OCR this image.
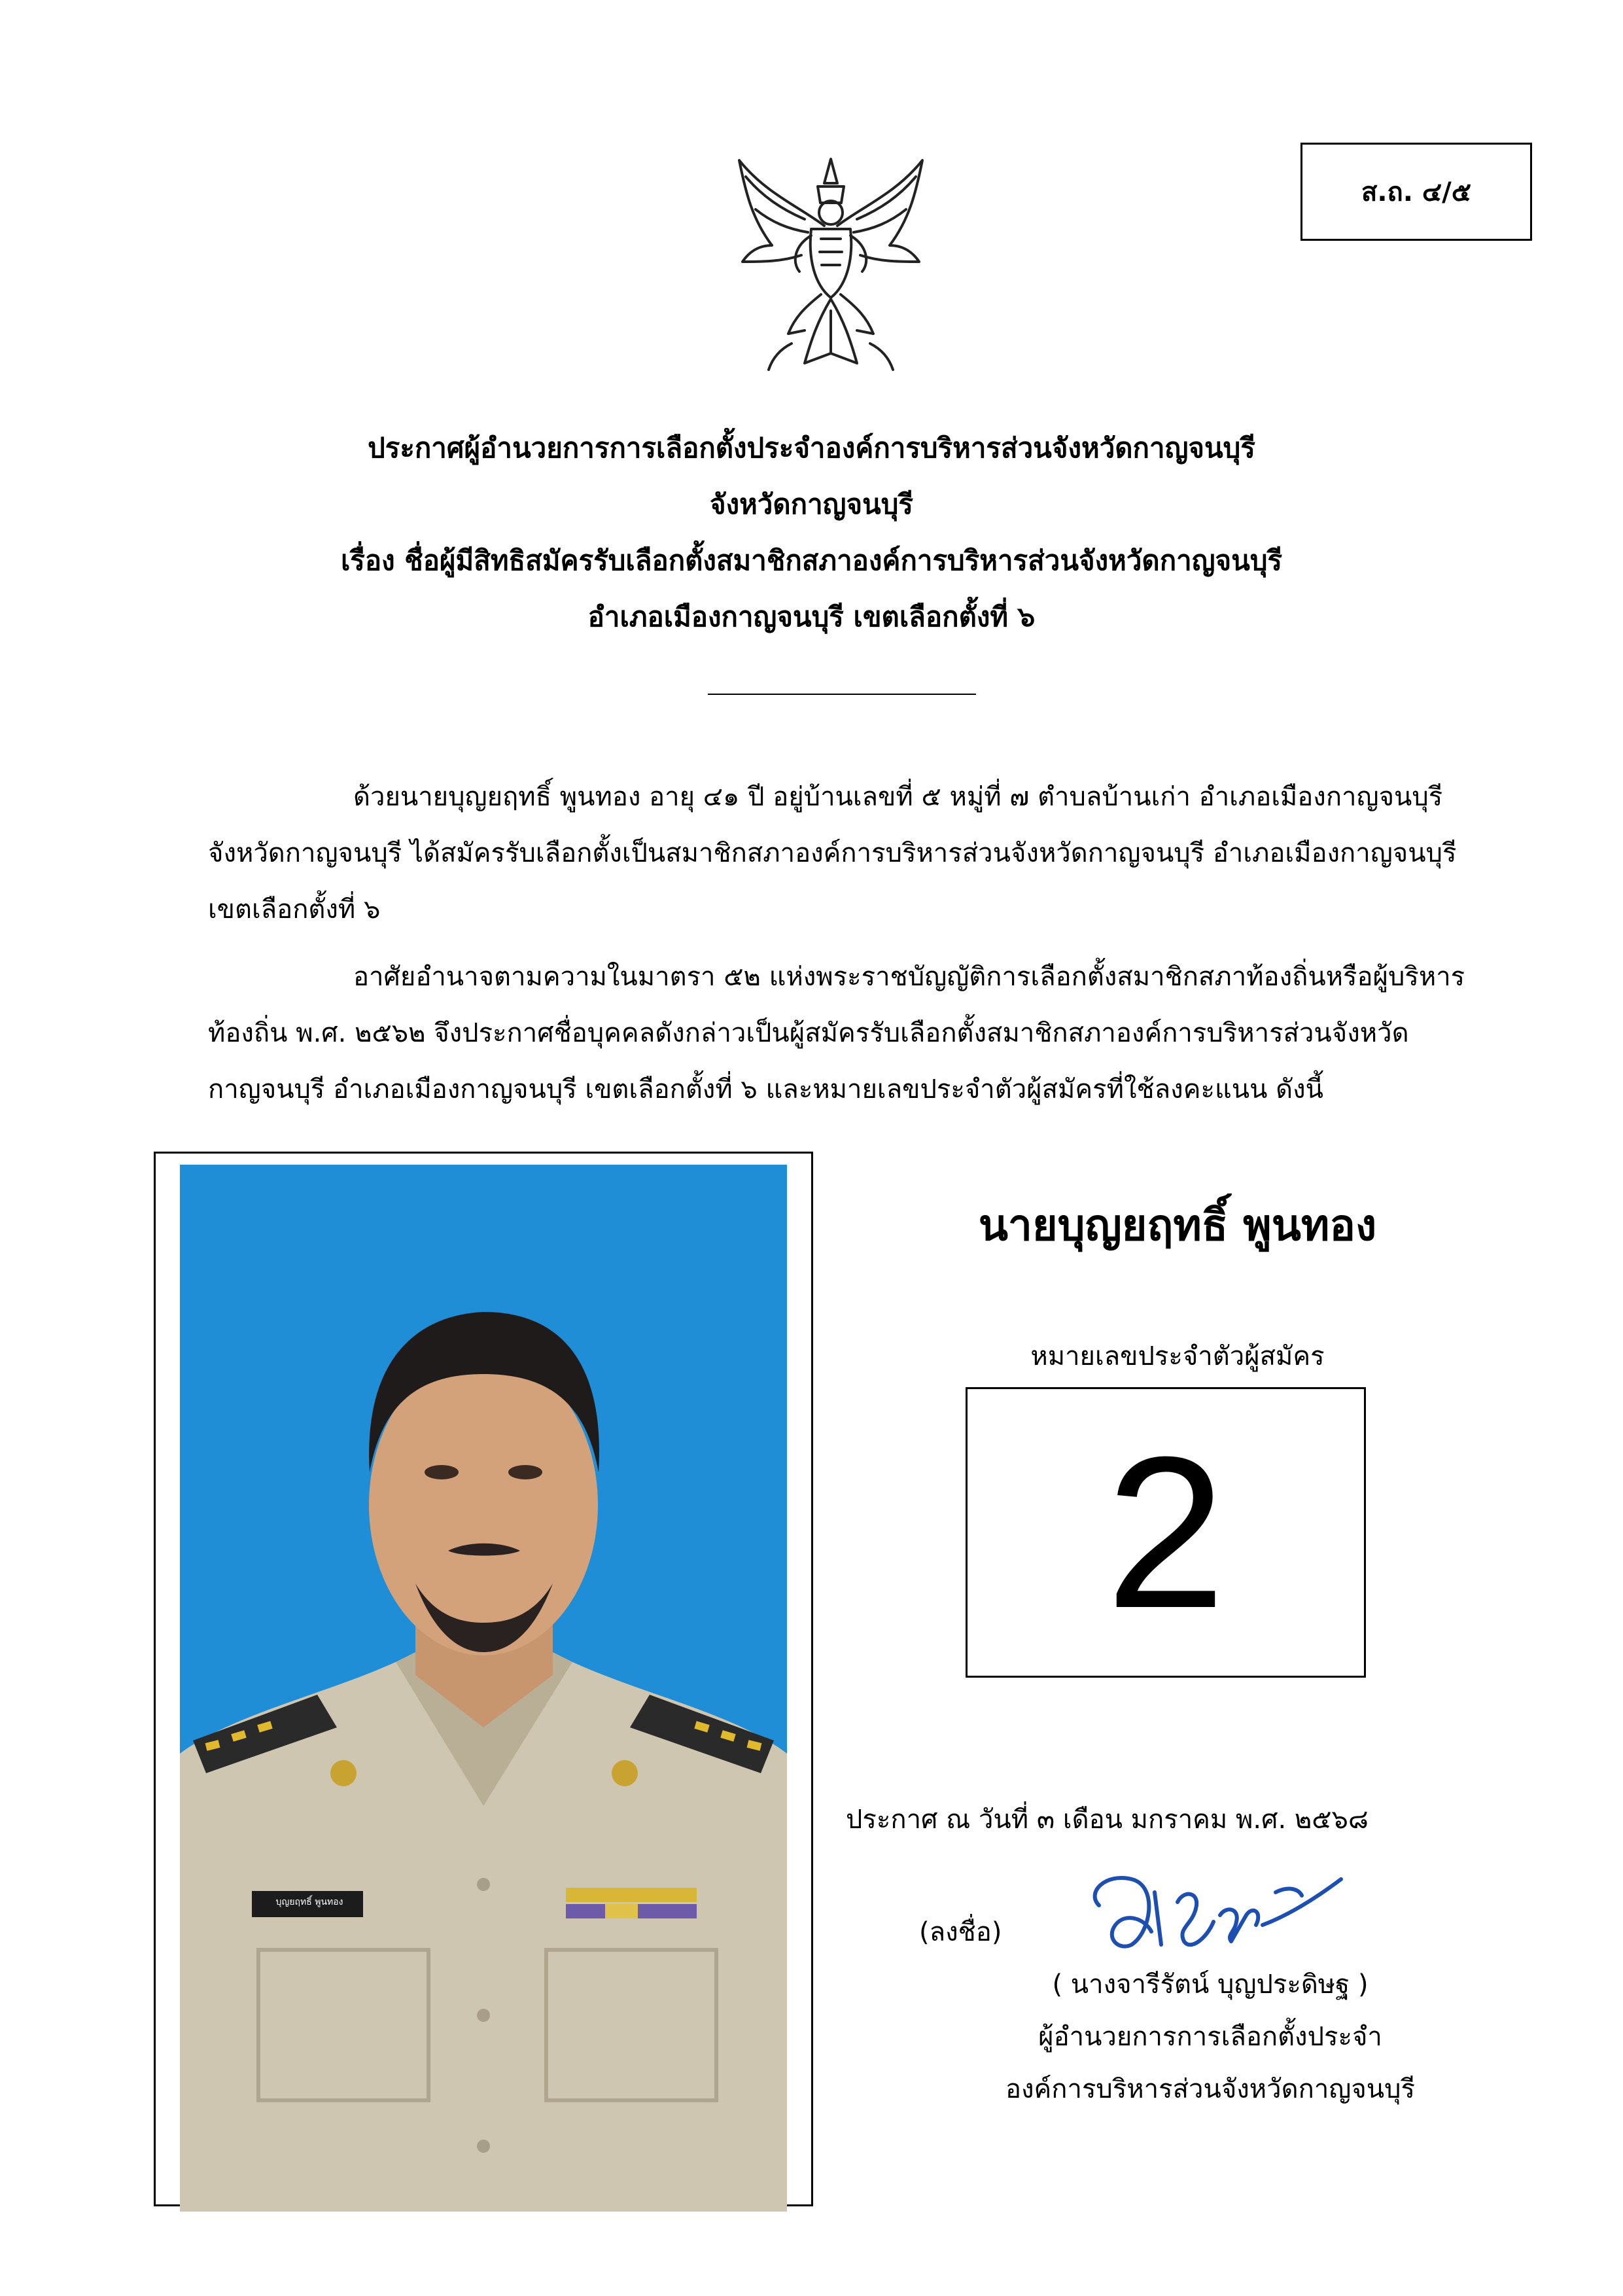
ส.ถ. ๔/๕
ประกาศผู้อำนวยการการเลือกตั้งประจำองค์การบริหารส่วนจังหวัดกาญจนบุรี
จังหวัดกาญจนบุรี
เรื่อง ชื่อผู้มีสิทธิสมัครรับเลือกตั้งสมาชิกสภาองค์การบริหารส่วนจังหวัดกาญจนบุรี
อำเภอเมืองกาญจนบุรี เขตเลือกตั้งที่ ๖
ด้วยนายบุญยฤทธิ์ พูนทอง อายุ ๔๑ ปี อยู่บ้านเลขที่ ๕ หมู่ที่ ๗ ตำบลบ้านเก่า อำเภอเมืองกาญจนบุรี
จังหวัดกาญจนบุรี ได้สมัครรับเลือกตั้งเป็นสมาชิกสภาองค์การบริหารส่วนจังหวัดกาญจนบุรี อำเภอเมืองกาญจนบุรี
เขตเลือกตั้งที่ ๖
อาศัยอำนาจตามความในมาตรา ๕๒ แห่งพระราชบัญญัติการเลือกตั้งสมาชิกสภาท้องถิ่นหรือผู้บริหาร
ท้องถิ่น พ.ศ. ๒๕๖๒ จึงประกาศชื่อบุคคลดังกล่าวเป็นผู้สมัครรับเลือกตั้งสมาชิกสภาองค์การบริหารส่วนจังหวัด
กาญจนบุรี อำเภอเมืองกาญจนบุรี เขตเลือกตั้งที่ ๖ และหมายเลขประจำตัวผู้สมัครที่ใช้ลงคะแนน ดังนี้
บุญยฤทธิ์ พูนทอง
นายบุญยฤทธิ์ พูนทอง
หมายเลขประจำตัวผู้สมัคร
2
ประกาศ ณ วันที่ ๓ เดือน มกราคม พ.ศ. ๒๕๖๘
(ลงชื่อ)
( นางจารีรัตน์ บุญประดิษฐ )
ผู้อำนวยการการเลือกตั้งประจำ
องค์การบริหารส่วนจังหวัดกาญจนบุรี
